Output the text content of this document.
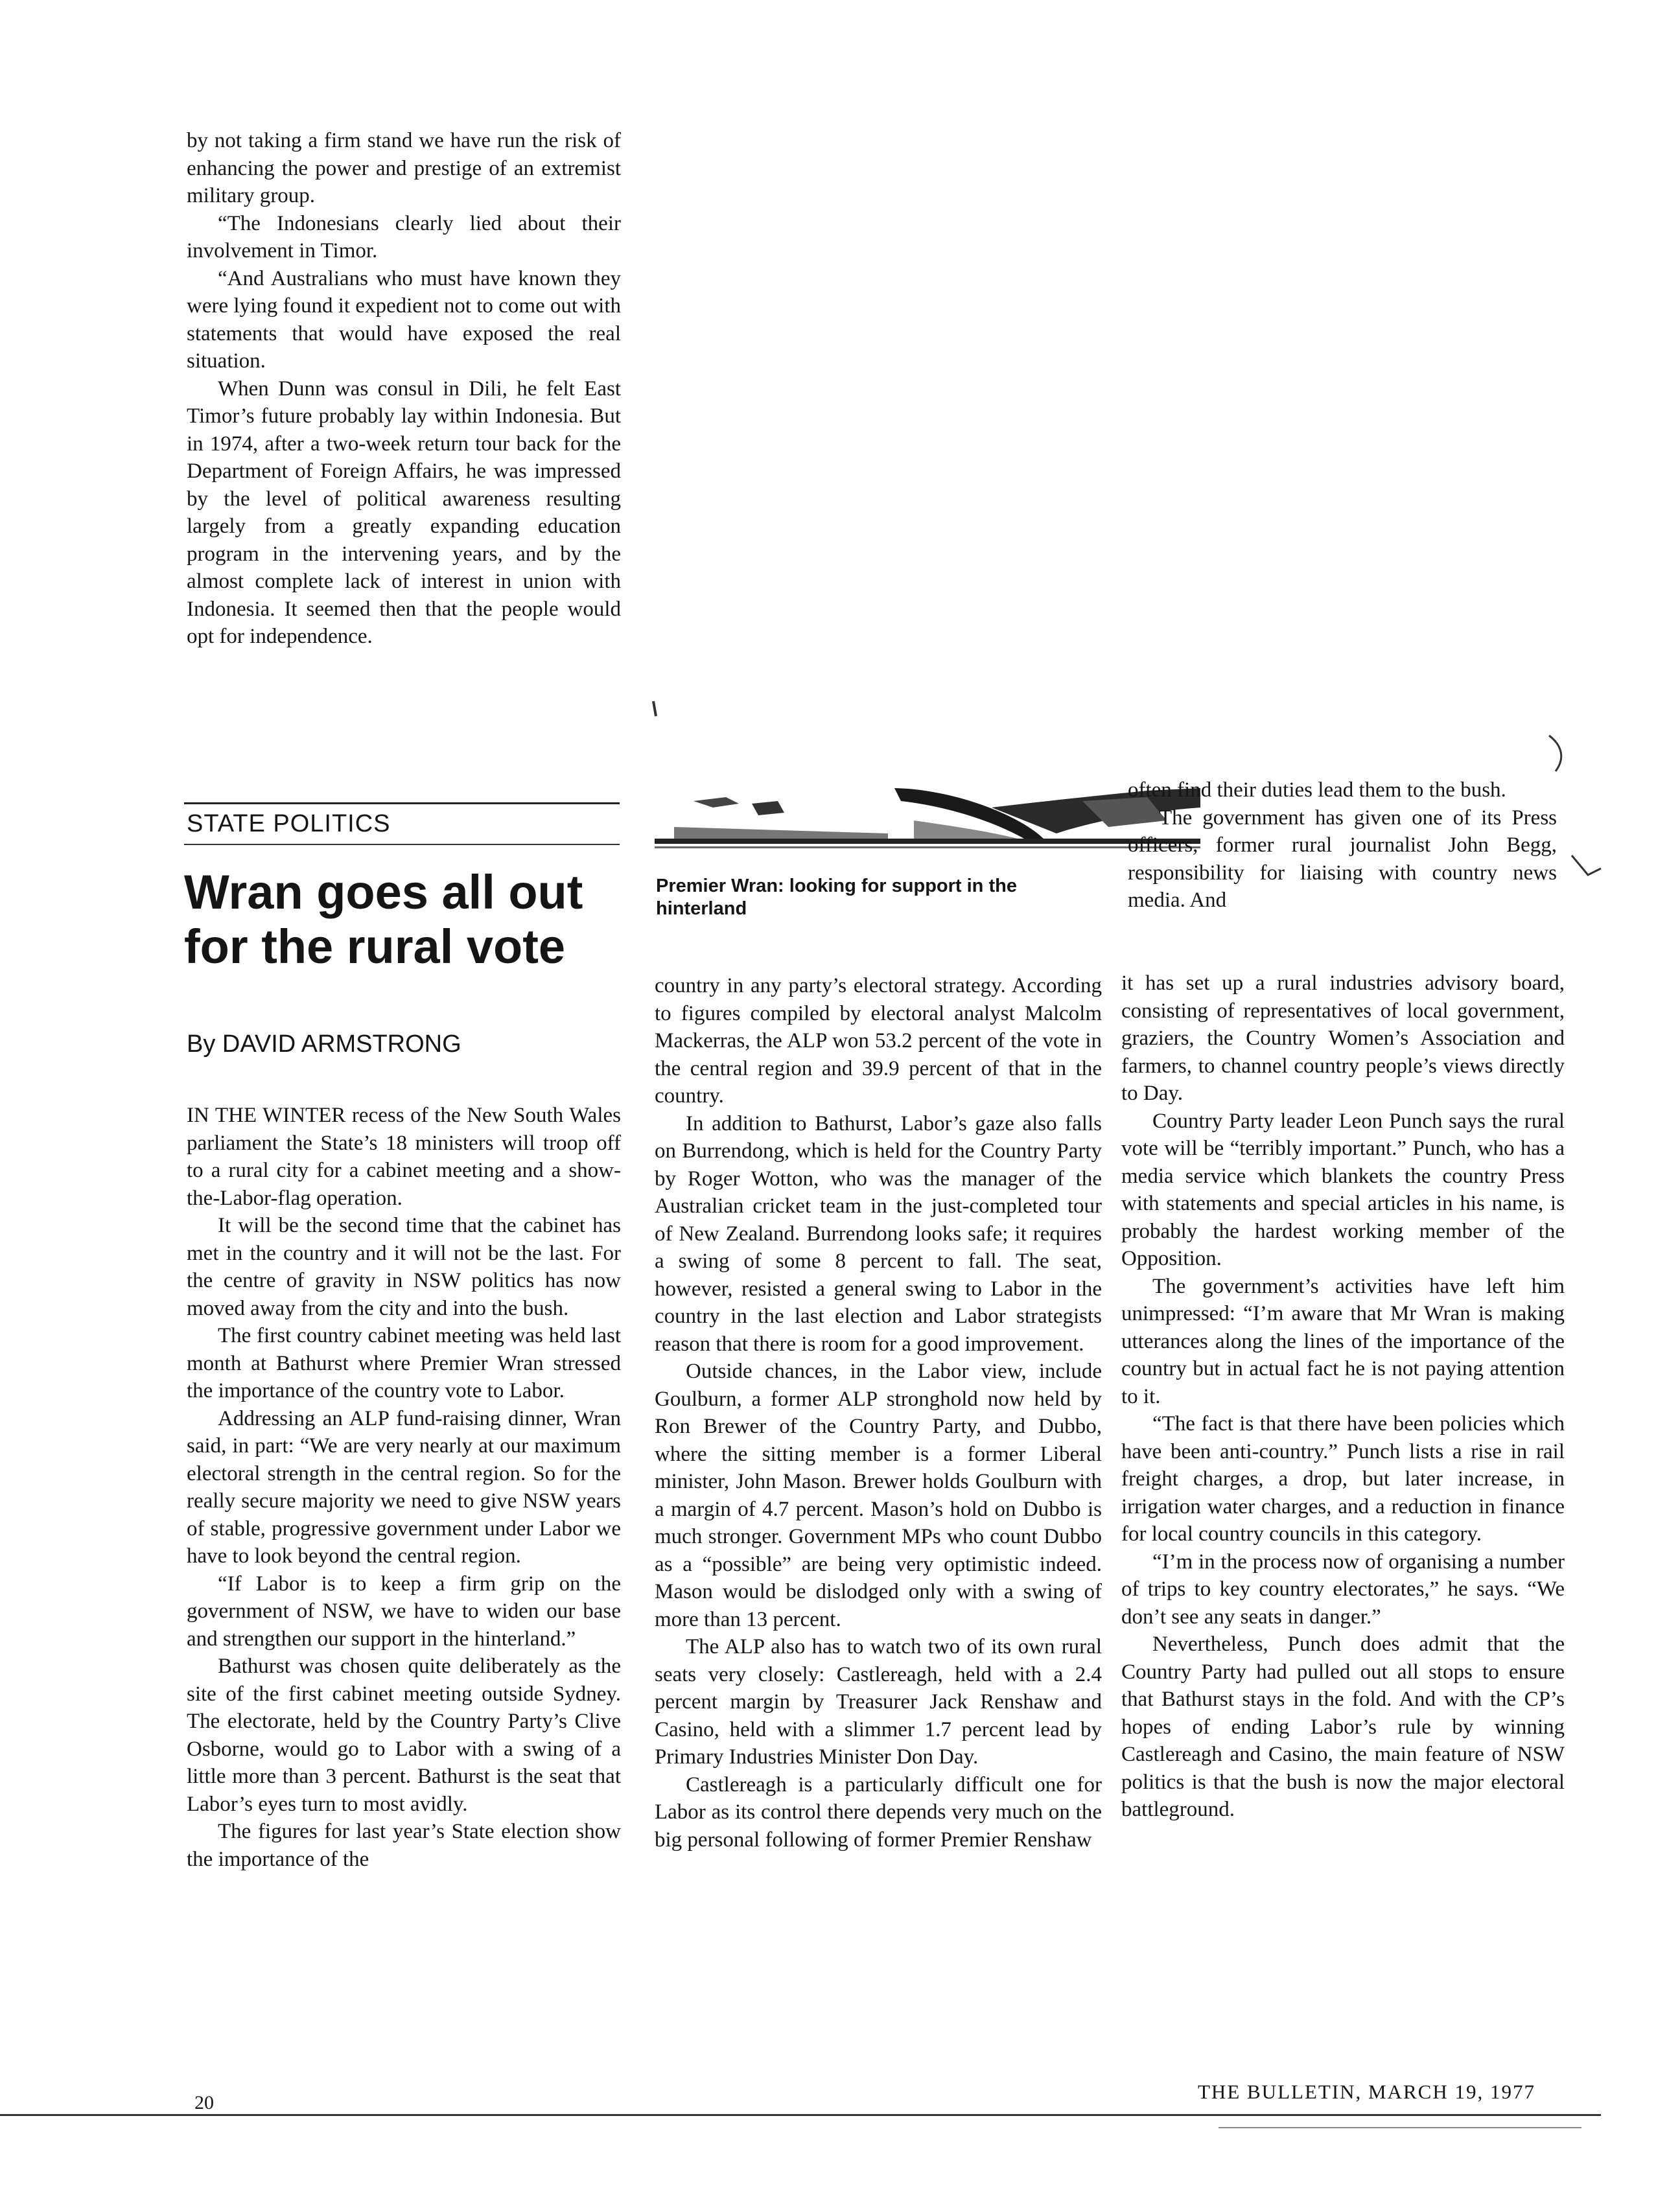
by not taking a firm stand we have run the risk of enhancing the power and prestige of an extremist military group.

“The Indonesians clearly lied about their involvement in Timor.

“And Australians who must have known they were lying found it expedient not to come out with statements that would have exposed the real situation.

When Dunn was consul in Dili, he felt East Timor’s future probably lay within Indonesia. But in 1974, after a two-week return tour back for the Department of Foreign Affairs, he was impressed by the level of political awareness resulting largely from a greatly expanding education program in the intervening years, and by the almost complete lack of interest in union with Indonesia. It seemed then that the people would opt for independence.

STATE POLITICS
Wran goes all out for the rural vote
By DAVID ARMSTRONG
Premier Wran: looking for support in the hinterland

IN THE WINTER recess of the New South Wales parliament the State’s 18 ministers will troop off to a rural city for a cabinet meeting and a show-the-Labor-flag operation.

It will be the second time that the cabinet has met in the country and it will not be the last. For the centre of gravity in NSW politics has now moved away from the city and into the bush.

The first country cabinet meeting was held last month at Bathurst where Premier Wran stressed the importance of the country vote to Labor.

Addressing an ALP fund-raising dinner, Wran said, in part: “We are very nearly at our maximum electoral strength in the central region. So for the really secure majority we need to give NSW years of stable, progressive government under Labor we have to look beyond the central region.

“If Labor is to keep a firm grip on the government of NSW, we have to widen our base and strengthen our support in the hinterland.”

Bathurst was chosen quite deliberately as the site of the first cabinet meeting outside Sydney. The electorate, held by the Country Party’s Clive Osborne, would go to Labor with a swing of a little more than 3 percent. Bathurst is the seat that Labor’s eyes turn to most avidly.

The figures for last year’s State election show the importance of the

country in any party’s electoral strategy. According to figures compiled by electoral analyst Malcolm Mackerras, the ALP won 53.2 percent of the vote in the central region and 39.9 percent of that in the country.

In addition to Bathurst, Labor’s gaze also falls on Burrendong, which is held for the Country Party by Roger Wotton, who was the manager of the Australian cricket team in the just-completed tour of New Zealand. Burrendong looks safe; it requires a swing of some 8 percent to fall. The seat, however, resisted a general swing to Labor in the country in the last election and Labor strategists reason that there is room for a good improvement.

Outside chances, in the Labor view, include Goulburn, a former ALP stronghold now held by Ron Brewer of the Country Party, and Dubbo, where the sitting member is a former Liberal minister, John Mason. Brewer holds Goulburn with a margin of 4.7 percent. Mason’s hold on Dubbo is much stronger. Government MPs who count Dubbo as a “possible” are being very optimistic indeed. Mason would be dislodged only with a swing of more than 13 percent.

The ALP also has to watch two of its own rural seats very closely: Castlereagh, held with a 2.4 percent margin by Treasurer Jack Renshaw and Casino, held with a slimmer 1.7 percent lead by Primary Industries Minister Don Day.

Castlereagh is a particularly difficult one for Labor as its control there depends very much on the big personal following of former Premier Renshaw

often find their duties lead them to the bush.

The government has given one of its Press officers, former rural journalist John Begg, responsibility for liaising with country news media. And

it has set up a rural industries advisory board, consisting of representatives of local government, graziers, the Country Women’s Association and farmers, to channel country people’s views directly to Day.

Country Party leader Leon Punch says the rural vote will be “terribly important.” Punch, who has a media service which blankets the country Press with statements and special articles in his name, is probably the hardest working member of the Opposition.

The government’s activities have left him unimpressed: “I’m aware that Mr Wran is making utterances along the lines of the importance of the country but in actual fact he is not paying attention to it.

“The fact is that there have been policies which have been anti-country.” Punch lists a rise in rail freight charges, a drop, but later increase, in irrigation water charges, and a reduction in finance for local country councils in this category.

“I’m in the process now of organising a number of trips to key country electorates,” he says. “We don’t see any seats in danger.”

Nevertheless, Punch does admit that the Country Party had pulled out all stops to ensure that Bathurst stays in the fold. And with the CP’s hopes of ending Labor’s rule by winning Castlereagh and Casino, the main feature of NSW politics is that the bush is now the major electoral battleground.

20	THE BULLETIN, MARCH 19, 1977
